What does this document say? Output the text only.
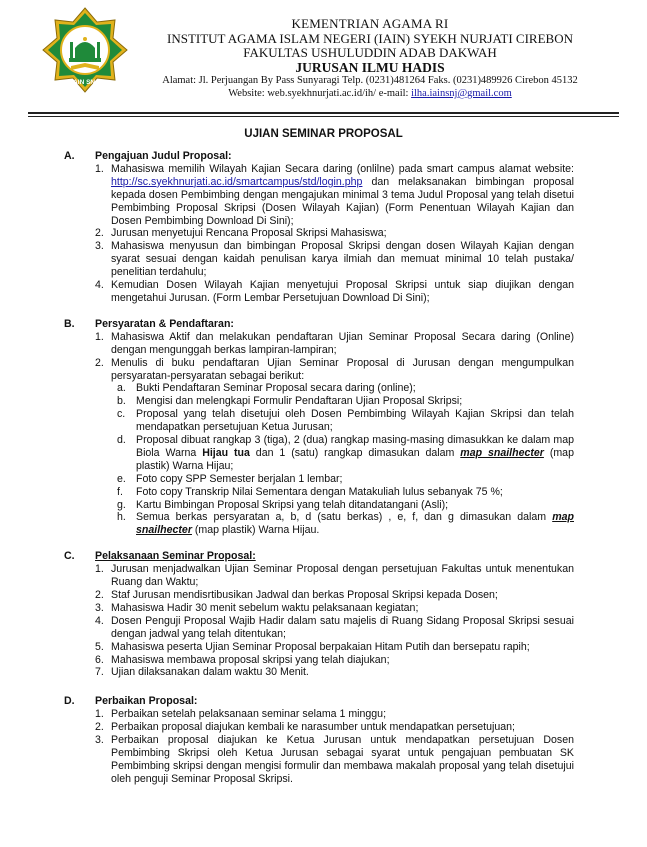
IAIN SNJ
KEMENTRIAN AGAMA RI
INSTITUT AGAMA ISLAM NEGERI (IAIN) SYEKH NURJATI CIREBON
FAKULTAS USHULUDDIN ADAB DAKWAH
JURUSAN ILMU HADIS
Alamat: Jl. Perjuangan By Pass Sunyaragi Telp. (0231)481264 Faks. (0231)489926 Cirebon 45132
Website: web.syekhnurjati.ac.id/ih/ e-mail: ilha.iainsnj@gmail.com
UJIAN SEMINAR PROPOSAL
A. Pengajuan Judul Proposal:
1. Mahasiswa memilih Wilayah Kajian Secara daring (onlilne) pada smart campus alamat website: http://sc.syekhnurjati.ac.id/smartcampus/std/login.php dan melaksanakan bimbingan proposal kepada dosen Pembimbing dengan mengajukan minimal 3 tema Judul Proposal yang telah disetui Pembimbing Proposal Skripsi (Dosen Wilayah Kajian) (Form Penentuan Wilayah Kajian dan Dosen Pembimbing Download Di Sini);
2. Jurusan menyetujui Rencana Proposal Skripsi Mahasiswa;
3. Mahasiswa menyusun dan bimbingan Proposal Skripsi dengan dosen Wilayah Kajian dengan syarat sesuai dengan kaidah penulisan karya ilmiah dan memuat minimal 10 telah pustaka/ penelitian terdahulu;
4. Kemudian Dosen Wilayah Kajian menyetujui Proposal Skripsi untuk siap diujikan dengan mengetahui Jurusan. (Form Lembar Persetujuan Download Di Sini);
B. Persyaratan & Pendaftaran:
1. Mahasiswa Aktif dan melakukan pendaftaran Ujian Seminar Proposal Secara daring (Online) dengan mengunggah berkas lampiran-lampiran;
2. Menulis di buku pendaftaran Ujian Seminar Proposal di Jurusan dengan mengumpulkan persyaratan-persyaratan sebagai berikut:
a. Bukti Pendaftaran Seminar Proposal secara daring (online);
b. Mengisi dan melengkapi Formulir Pendaftaran Ujian Proposal Skripsi;
c. Proposal yang telah disetujui oleh Dosen Pembimbing Wilayah Kajian Skripsi dan telah mendapatkan persetujuan Ketua Jurusan;
d. Proposal dibuat rangkap 3 (tiga), 2 (dua) rangkap masing-masing dimasukkan ke dalam map Biola Warna Hijau tua dan 1 (satu) rangkap dimasukan dalam map snailhecter (map plastik) Warna Hijau;
e. Foto copy SPP Semester berjalan 1 lembar;
f. Foto copy Transkrip Nilai Sementara dengan Matakuliah lulus sebanyak 75 %;
g. Kartu Bimbingan Proposal Skripsi yang telah ditandatangani (Asli);
h. Semua berkas persyaratan a, b, d (satu berkas) , e, f, dan g dimasukan dalam map snailhecter (map plastik) Warna Hijau.
C. Pelaksanaan Seminar Proposal:
1. Jurusan menjadwalkan Ujian Seminar Proposal dengan persetujuan Fakultas untuk menentukan Ruang dan Waktu;
2. Staf Jurusan mendisrtibusikan Jadwal dan berkas Proposal Skripsi kepada Dosen;
3. Mahasiswa Hadir 30 menit sebelum waktu pelaksanaan kegiatan;
4. Dosen Penguji Proposal Wajib Hadir dalam satu majelis di Ruang Sidang Proposal Skripsi sesuai dengan jadwal yang telah ditentukan;
5. Mahasiswa peserta Ujian Seminar Proposal berpakaian Hitam Putih dan bersepatu rapih;
6. Mahasiswa membawa proposal skripsi yang telah diajukan;
7. Ujian dilaksanakan dalam waktu 30 Menit.
D. Perbaikan Proposal:
1. Perbaikan setelah pelaksanaan seminar selama 1 minggu;
2. Perbaikan proposal diajukan kembali ke narasumber untuk mendapatkan persetujuan;
3. Perbaikan proposal diajukan ke Ketua Jurusan untuk mendapatkan persetujuan Dosen Pembimbing Skripsi oleh Ketua Jurusan sebagai syarat untuk pengajuan pembuatan SK Pembimbing skripsi dengan mengisi formulir dan membawa makalah proposal yang telah disetujui oleh penguji Seminar Proposal Skripsi.
